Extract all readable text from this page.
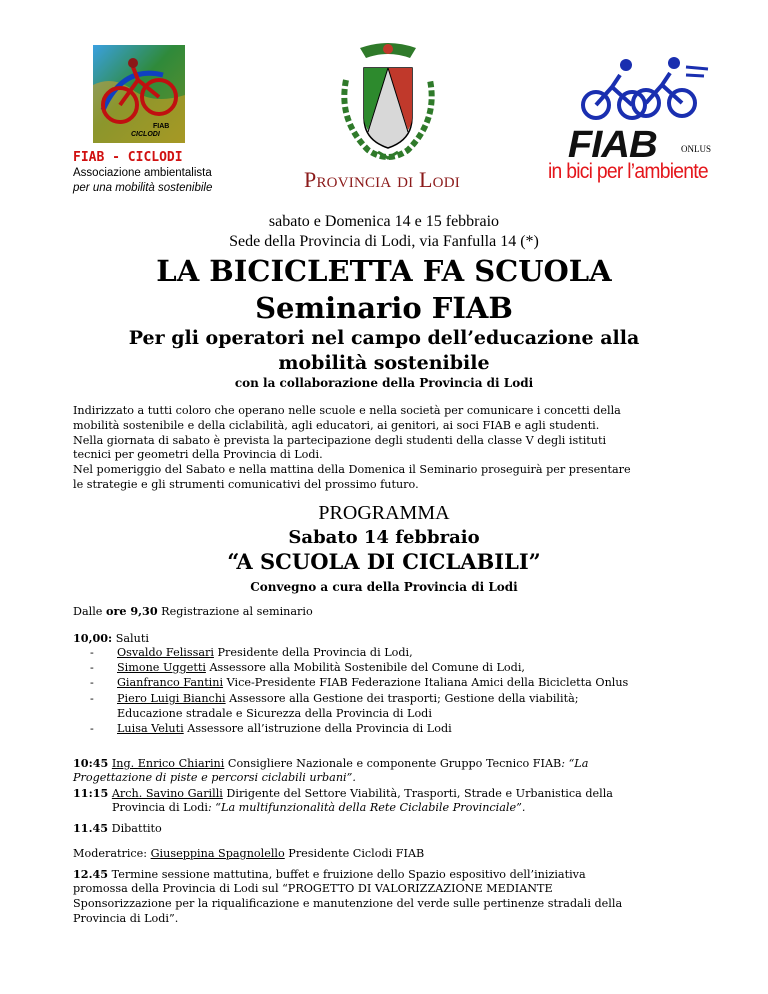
FIAB
CICLODI
FIAB - CICLODI
Associazione ambientalista
per una mobilità sostenibile	Provincia di Lodi
FIAB	ONLUS
in bici per l’ambiente
sabato e Domenica 14 e 15 febbraio
Sede della Provincia di Lodi, via Fanfulla 14 (*)
LA BICICLETTA FA SCUOLA
Seminario FIAB
Per gli operatori nel campo dell’educazione alla
mobilità sostenibile
con la collaborazione della Provincia di Lodi
Indirizzato a tutti coloro che operano nelle scuole e nella società per comunicare i concetti della
mobilità sostenibile e della ciclabilità, agli educatori, ai genitori, ai soci FIAB e agli studenti.
Nella giornata di sabato è prevista la partecipazione degli studenti della classe V degli istituti
tecnici per geometri della Provincia di Lodi.
Nel pomeriggio del Sabato e nella mattina della Domenica il Seminario proseguirà per presentare
le strategie e gli strumenti comunicativi del prossimo futuro.
PROGRAMMA
Sabato 14 febbraio
“A SCUOLA DI CICLABILI”
Convegno a cura della Provincia di Lodi
Dalle ore 9,30 Registrazione al seminario
10,00: Saluti
- Osvaldo Felissari Presidente della Provincia di Lodi,
- Simone Uggetti Assessore alla Mobilità Sostenibile del Comune di Lodi,
- Gianfranco Fantini Vice-Presidente FIAB Federazione Italiana Amici della Bicicletta Onlus
- Piero Luigi Bianchi Assessore alla Gestione dei trasporti; Gestione della viabilità;
Educazione stradale e Sicurezza della Provincia di Lodi
- Luisa Veluti Assessore all’istruzione della Provincia di Lodi
10:45 Ing. Enrico Chiarini Consigliere Nazionale e componente Gruppo Tecnico FIAB: “La
Progettazione di piste e percorsi ciclabili urbani”.
11:15 Arch. Savino Garilli Dirigente del Settore Viabilità, Trasporti, Strade e Urbanistica della
Provincia di Lodi: “La multifunzionalità della Rete Ciclabile Provinciale”.
11.45 Dibattito
Moderatrice: Giuseppina Spagnolello Presidente Ciclodi FIAB
12.45 Termine sessione mattutina, buffet e fruizione dello Spazio espositivo dell’iniziativa
promossa della Provincia di Lodi sul “PROGETTO DI VALORIZZAZIONE MEDIANTE
Sponsorizzazione per la riqualificazione e manutenzione del verde sulle pertinenze stradali della
Provincia di Lodi”.
